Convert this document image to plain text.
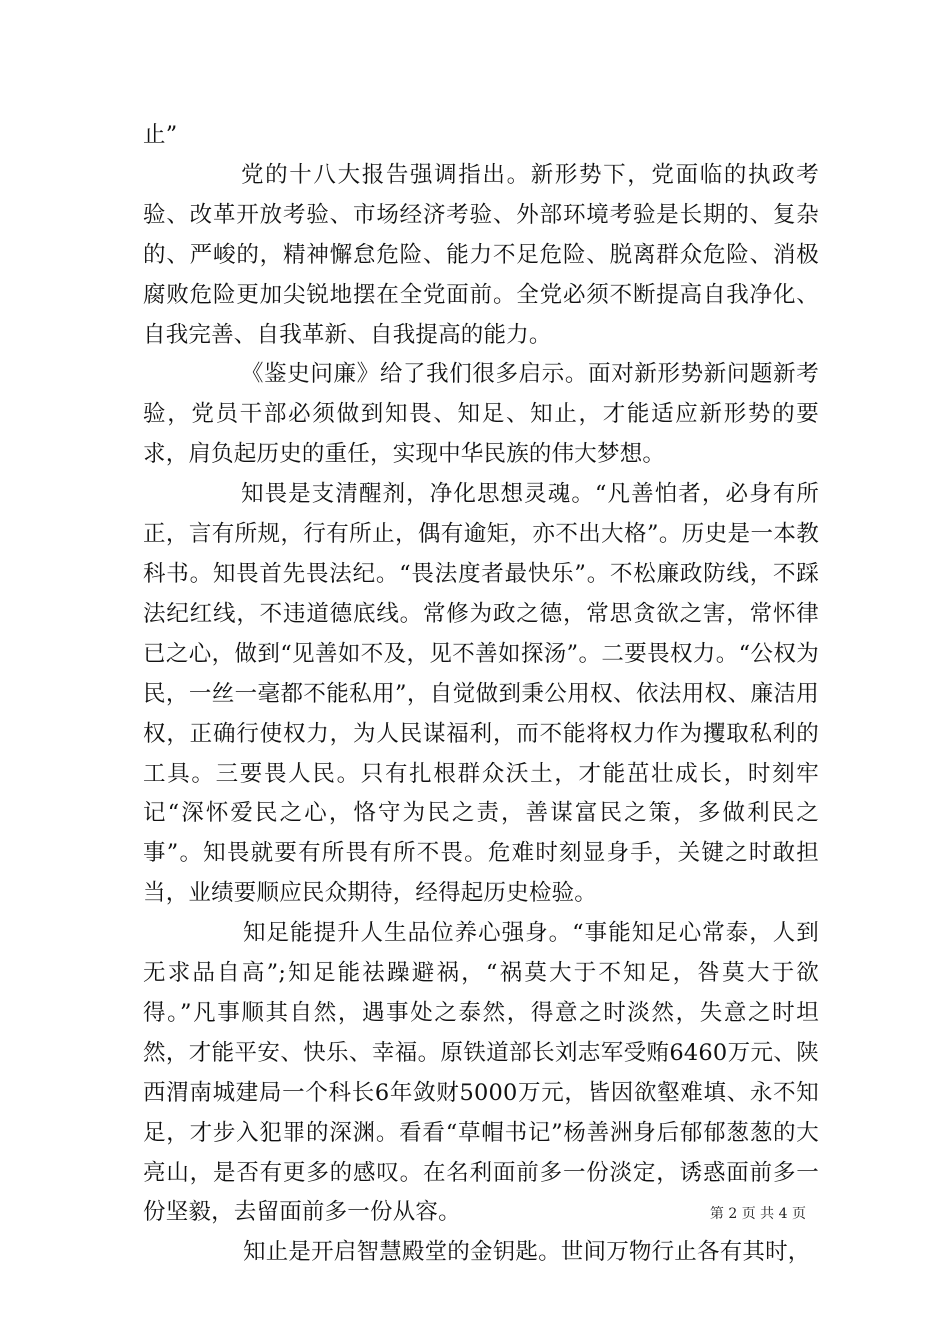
止”

党的十八大报告强调指出。新形势下，党面临的执政考验、改革开放考验、市场经济考验、外部环境考验是长期的、复杂的、严峻的，精神懈怠危险、能力不足危险、脱离群众危险、消极腐败危险更加尖锐地摆在全党面前。全党必须不断提高自我净化、自我完善、自我革新、自我提高的能力。

《鉴史问廉》给了我们很多启示。面对新形势新问题新考验，党员干部必须做到知畏、知足、知止，才能适应新形势的要求，肩负起历史的重任，实现中华民族的伟大梦想。

知畏是支清醒剂，净化思想灵魂。“凡善怕者，必身有所正，言有所规，行有所止，偶有逾矩，亦不出大格”。历史是一本教科书。知畏首先畏法纪。“畏法度者最快乐”。不松廉政防线，不踩法纪红线，不违道德底线。常修为政之德，常思贪欲之害，常怀律已之心，做到“见善如不及，见不善如探汤”。二要畏权力。“公权为民，一丝一毫都不能私用”，自觉做到秉公用权、依法用权、廉洁用权，正确行使权力，为人民谋福利，而不能将权力作为攫取私利的工具。三要畏人民。只有扎根群众沃土，才能茁壮成长，时刻牢记“深怀爱民之心，恪守为民之责，善谋富民之策，多做利民之事”。知畏就要有所畏有所不畏。危难时刻显身手，关键之时敢担当，业绩要顺应民众期待，经得起历史检验。

知足能提升人生品位养心强身。“事能知足心常泰，人到无求品自高”;知足能祛躁避祸，“祸莫大于不知足，咎莫大于欲得。”凡事顺其自然，遇事处之泰然，得意之时淡然，失意之时坦然，才能平安、快乐、幸福。原铁道部长刘志军受贿6460万元、陕西渭南城建局一个科长6年敛财5000万元，皆因欲壑难填、永不知足，才步入犯罪的深渊。看看“草帽书记”杨善洲身后郁郁葱葱的大亮山，是否有更多的感叹。在名利面前多一份淡定，诱惑面前多一份坚毅，去留面前多一份从容。

知止是开启智慧殿堂的金钥匙。世间万物行止各有其时，

第 2 页 共 4 页
